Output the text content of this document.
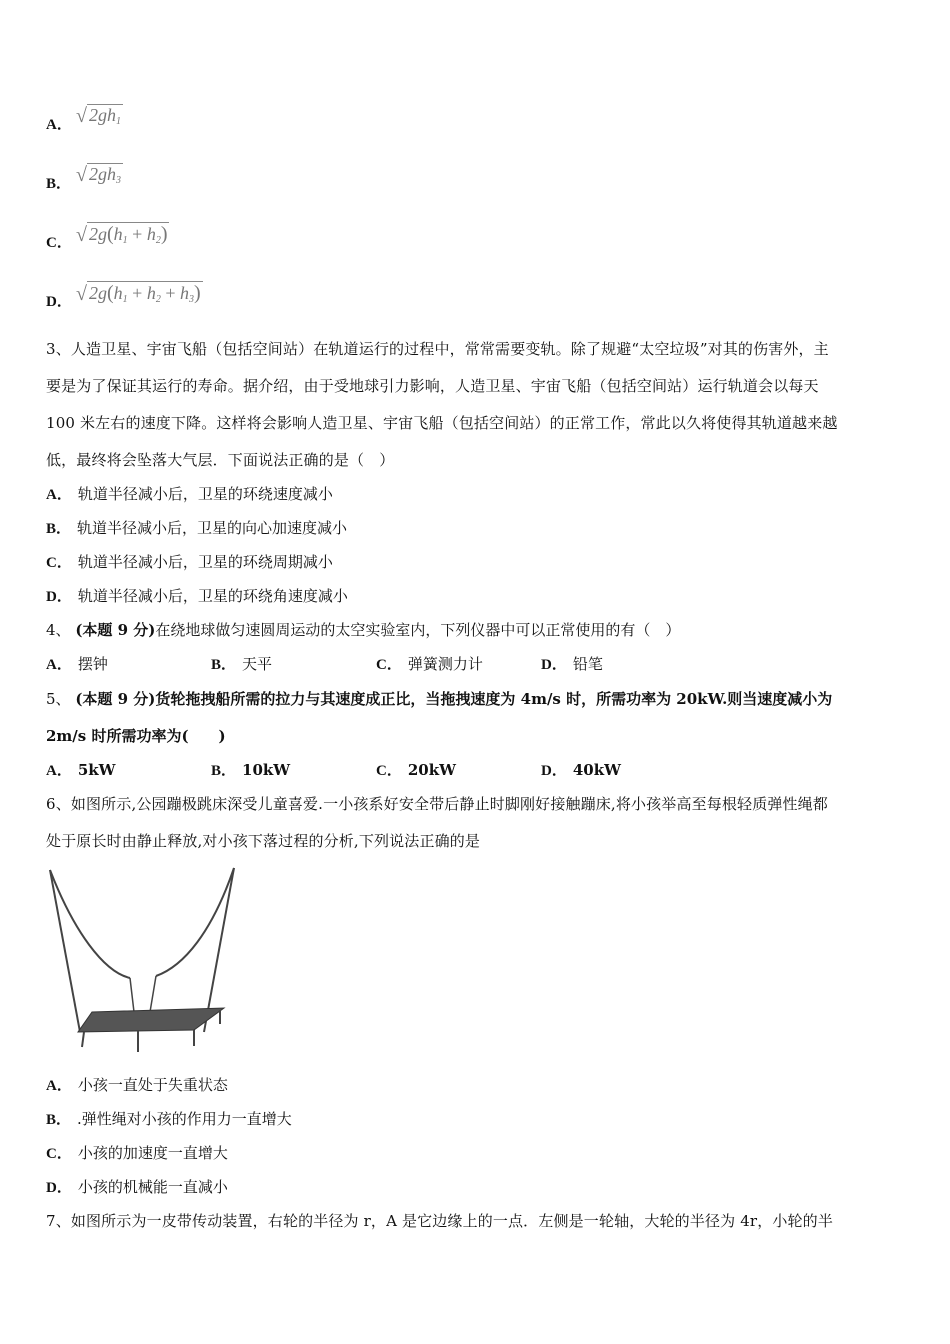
A． √ $2gh_1$
B． √ $2gh_3$
C． √ $2g(h_1 + h_2)$
D． √ $2g(h_1 + h_2 + h_3)$
3、人造卫星、宇宙飞船（包括空间站）在轨道运行的过程中，常常需要变轨。除了规避“太空垃圾”对其的伤害外，主
要是为了保证其运行的寿命。据介绍，由于受地球引力影响，人造卫星、宇宙飞船（包括空间站）运行轨道会以每天
100 米左右的速度下降。这样将会影响人造卫星、宇宙飞船（包括空间站）的正常工作，常此以久将使得其轨道越来越
低，最终将会坠落大气层．下面说法正确的是（　）
A． 轨道半径减小后，卫星的环绕速度减小
B． 轨道半径减小后，卫星的向心加速度减小
C． 轨道半径减小后，卫星的环绕周期减小
D． 轨道半径减小后，卫星的环绕角速度减小
4、 (本题 9 分)在绕地球做匀速圆周运动的太空实验室内，下列仪器中可以正常使用的有（　）
A． 摆钟	B． 天平	C． 弹簧测力计	D． 铅笔
5、 (本题 9 分)货轮拖拽船所需的拉力与其速度成正比，当拖拽速度为 4m/s 时，所需功率为 20kW.则当速度减小为
2m/s 时所需功率为(　　)
A． 5kW	B． 10kW	C． 20kW	D． 40kW
6、如图所示,公园蹦极跳床深受儿童喜爱.一小孩系好安全带后静止时脚刚好接触蹦床,将小孩举高至每根轻质弹性绳都
处于原长时由静止释放,对小孩下落过程的分析,下列说法正确的是
A． 小孩一直处于失重状态
B． .弹性绳对小孩的作用力一直增大
C． 小孩的加速度一直增大
D． 小孩的机械能一直减小
7、如图所示为一皮带传动装置，右轮的半径为 r，A 是它边缘上的一点．左侧是一轮轴，大轮的半径为 4r，小轮的半
